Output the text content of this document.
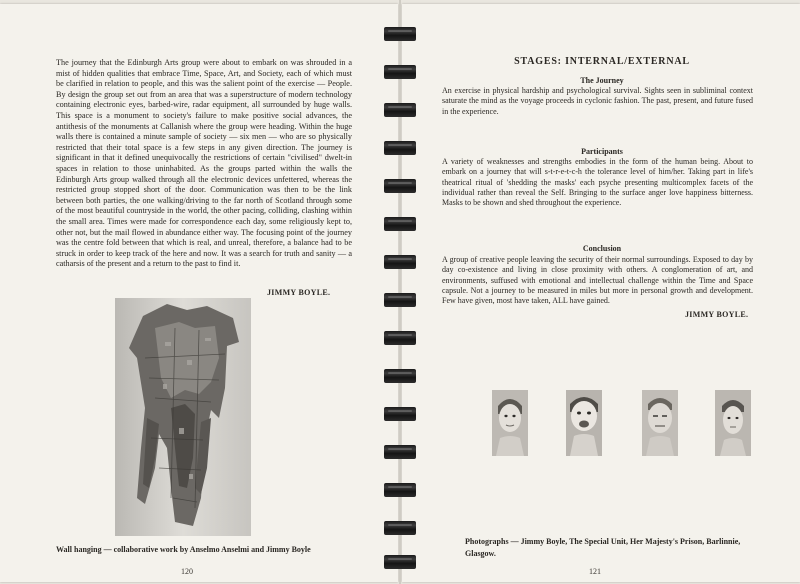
The journey that the Edinburgh Arts group were about to embark on was shrouded in a mist of hidden qualities that embrace Time, Space, Art, and Society, each of which must be clarified in relation to people, and this was the salient point of the exercise — People. By design the group set out from an area that was a superstructure of modern technology containing electronic eyes, barbed-wire, radar equipment, all surrounded by huge walls. This space is a monument to society's failure to make positive social advances, the antithesis of the monuments at Callanish where the group were heading. Within the huge walls there is contained a minute sample of society — six men — who are so physically restricted that their total space is a few steps in any given direction. The journey is significant in that it defined unequivocally the restrictions of certain "civilised" dwelt-in spaces in relation to those uninhabited. As the groups parted within the walls the Edinburgh Arts group walked through all the electronic devices unfettered, whereas the restricted group stopped short of the door. Communication was then to be the link between both parties, the one walking/driving to the far north of Scotland through some of the most beautiful countryside in the world, the other pacing, colliding, clashing within the small area. Times were made for correspondence each day, some religiously kept to, other not, but the mail flowed in abundance either way. The focusing point of the journey was the centre fold between that which is real, and unreal, therefore, a balance had to be struck in order to keep track of the here and now. It was a search for truth and sanity — a catharsis of the present and a return to the past to find it.

JIMMY BOYLE.
Wall hanging — collaborative work by Anselmo Anselmi and Jimmy Boyle
120
STAGES: INTERNAL/EXTERNAL
The Journey

An exercise in physical hardship and psychological survival. Sights seen in subliminal context saturate the mind as the voyage proceeds in cyclonic fashion. The past, present, and future fused in the experience.

Participants

A variety of weaknesses and strengths embodies in the form of the human being. About to embark on a journey that will s-t-r-e-t-c-h the tolerance level of him/her. Taking part in life's theatrical ritual of 'shedding the masks' each psyche presenting multicomplex facets of the individual rather than reveal the Self. Bringing to the surface anger love happiness bitterness. Masks to be shown and shed throughout the experience.

Conclusion

A group of creative people leaving the security of their normal surroundings. Exposed to day by day co-existence and living in close proximity with others. A conglomeration of art, and environments, suffused with emotional and intellectual challenge within the Time and Space capsule. Not a journey to be measured in miles but more in personal growth and development. Few have given, most have taken, ALL have gained.

JIMMY BOYLE.
Photographs — Jimmy Boyle, The Special Unit, Her Majesty's Prison, Barlinnie, Glasgow.
121
